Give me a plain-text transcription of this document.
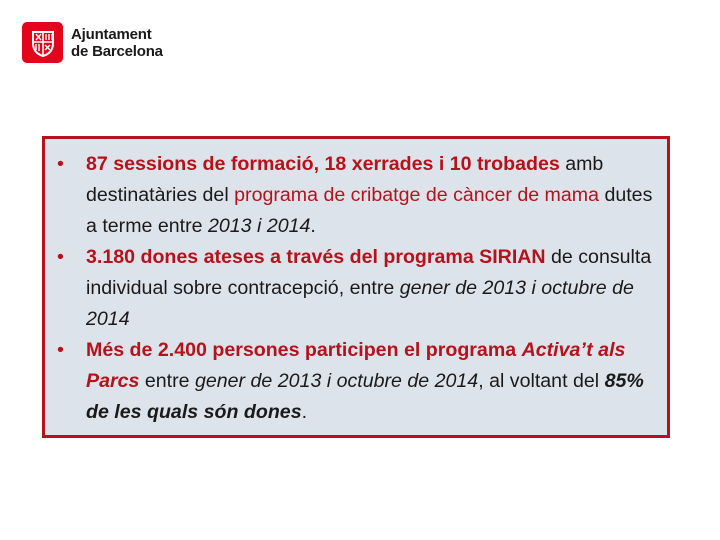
Ajuntament
de Barcelona
• 87 sessions de formació, 18 xerrades i 10 trobades amb destinatàries del programa de cribatge de càncer de mama dutes a terme entre 2013 i 2014.
• 3.180 dones ateses a través del programa SIRIAN de consulta individual sobre contracepció, entre gener de 2013 i octubre de 2014
• Més de 2.400 persones participen el programa Activa’t als Parcs entre gener de 2013 i octubre de 2014, al voltant del 85% de les quals són dones.
